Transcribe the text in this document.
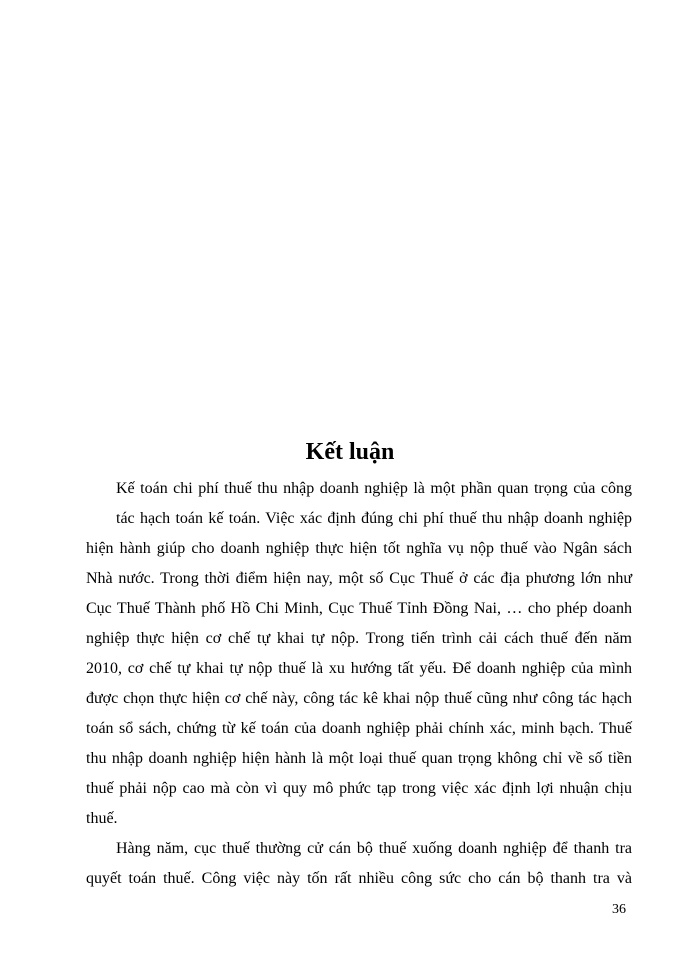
Kết luận
Kế toán chi phí thuế thu nhập doanh nghiệp là một phần quan trọng của công
tác hạch toán kế toán. Việc xác định đúng chi phí thuế thu nhập doanh nghiệp
hiện hành giúp cho doanh nghiệp thực hiện tốt nghĩa vụ nộp thuế vào Ngân sách
Nhà nước. Trong thời điểm hiện nay, một số Cục Thuế ở các địa phương lớn như
Cục Thuế Thành phố Hồ Chi Minh, Cục Thuế Tỉnh Đồng Nai, … cho phép doanh
nghiệp thực hiện cơ chế tự khai tự nộp. Trong tiến trình cải cách thuế đến năm
2010, cơ chế tự khai tự nộp thuế là xu hướng tất yếu. Để doanh nghiệp của mình
được chọn thực hiện cơ chế này, công tác kê khai nộp thuế cũng như công tác hạch
toán sổ sách, chứng từ kế toán của doanh nghiệp phải chính xác, minh bạch. Thuế
thu nhập doanh nghiệp hiện hành là một loại thuế quan trọng không chỉ về số tiền
thuế phải nộp cao mà còn vì quy mô phức tạp trong việc xác định lợi nhuận chịu
thuế.
Hàng năm, cục thuế thường cử cán bộ thuế xuống doanh nghiệp để thanh tra
quyết toán thuế. Công việc này tốn rất nhiều công sức cho cán bộ thanh tra và
36
